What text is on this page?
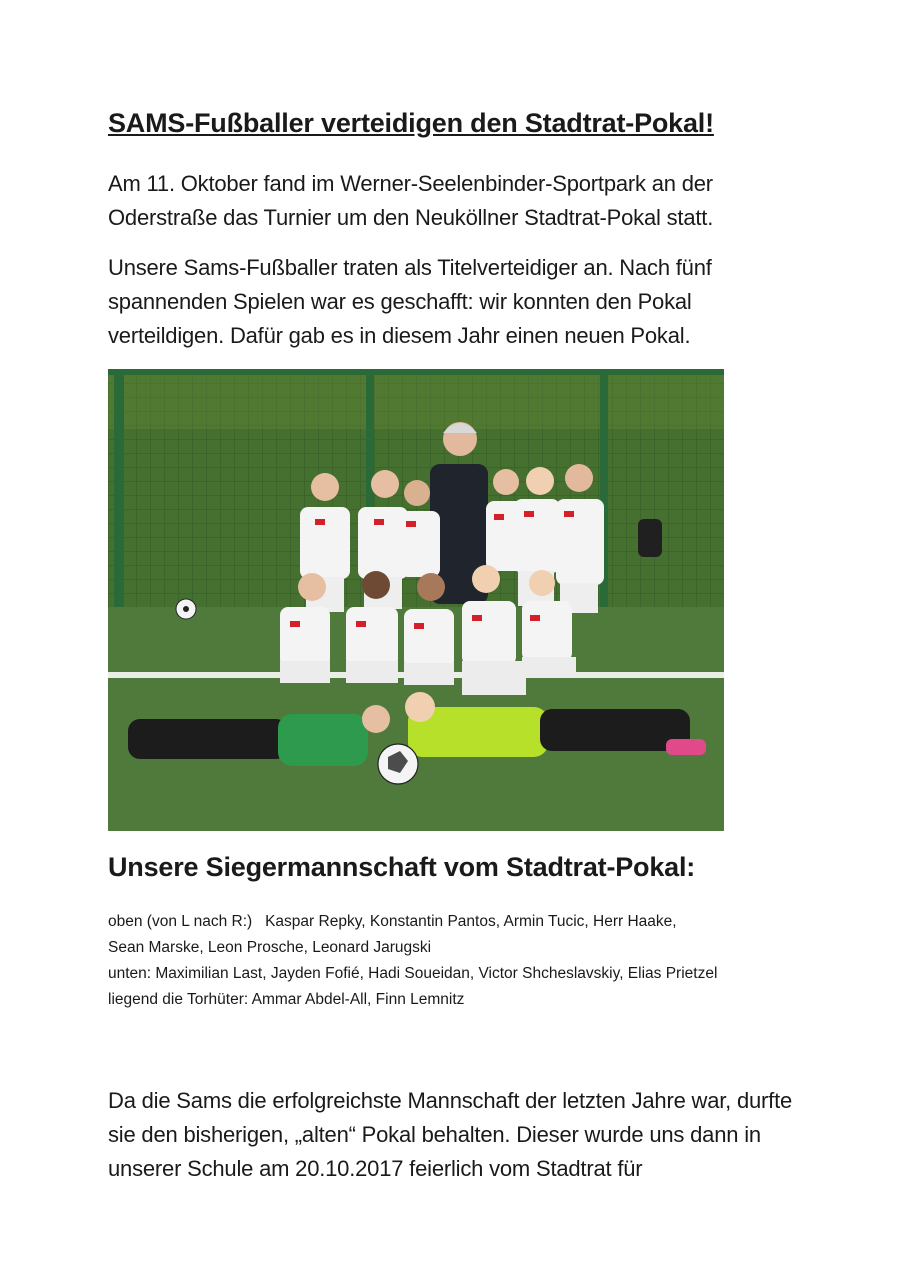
SAMS-Fußballer verteidigen den Stadtrat-Pokal!

Am 11. Oktober fand im Werner-Seelenbinder-Sportpark an der Oderstraße das Turnier um den Neuköllner Stadtrat-Pokal statt.

Unsere Sams-Fußballer traten als Titelverteidiger an. Nach fünf spannenden Spielen war es geschafft: wir konnten den Pokal verteildigen. Dafür gab es in diesem Jahr einen neuen Pokal.

Unsere Siegermannschaft vom Stadtrat-Pokal:
oben (von L nach R:)   Kaspar Repky, Konstantin Pantos, Armin Tucic, Herr Haake,
Sean Marske, Leon Prosche, Leonard Jarugski
unten: Maximilian Last, Jayden Fofié, Hadi Soueidan, Victor Shcheslavskiy, Elias Prietzel
liegend die Torhüter: Ammar Abdel-All, Finn Lemnitz

Da die Sams die erfolgreichste Mannschaft der letzten Jahre war, durfte sie den bisherigen, „alten“ Pokal behalten. Dieser wurde uns dann in unserer Schule am 20.10.2017 feierlich vom Stadtrat für
